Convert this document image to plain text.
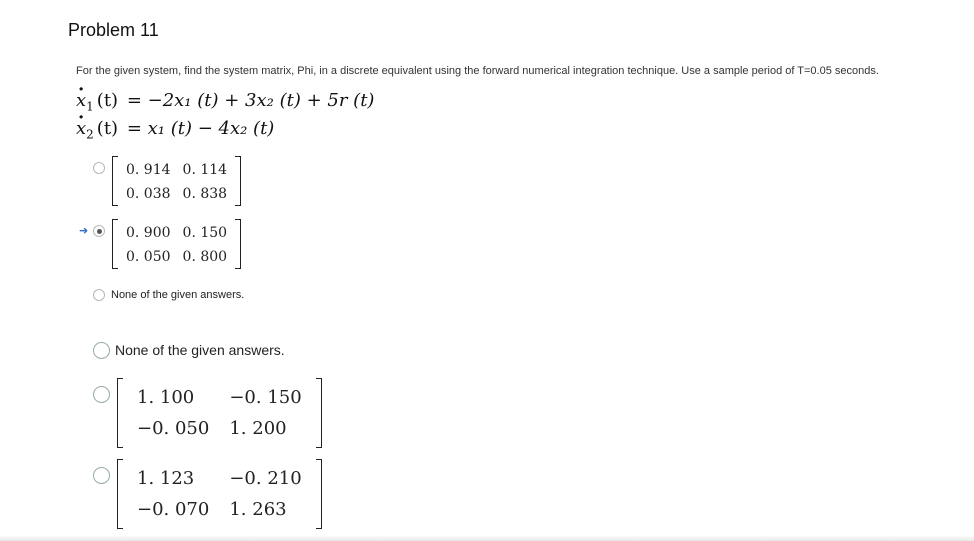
Problem 11
For the given system, find the system matrix, Phi, in a discrete equivalent using the forward numerical integration technique. Use a sample period of T=0.05 seconds.
· $x_1$ (t) = −2x₁ (t) + 3x₂ (t) + 5r (t)
· $x_2$ (t) = x₁ (t) − 4x₂ (t)
0. 914	0. 114
0. 038	0. 838
➜	0. 900	0. 150
0. 050	0. 800
None of the given answers.
None of the given answers.
1. 100	−0. 150
−0. 050	1. 200
1. 123	−0. 210
−0. 070	1. 263
